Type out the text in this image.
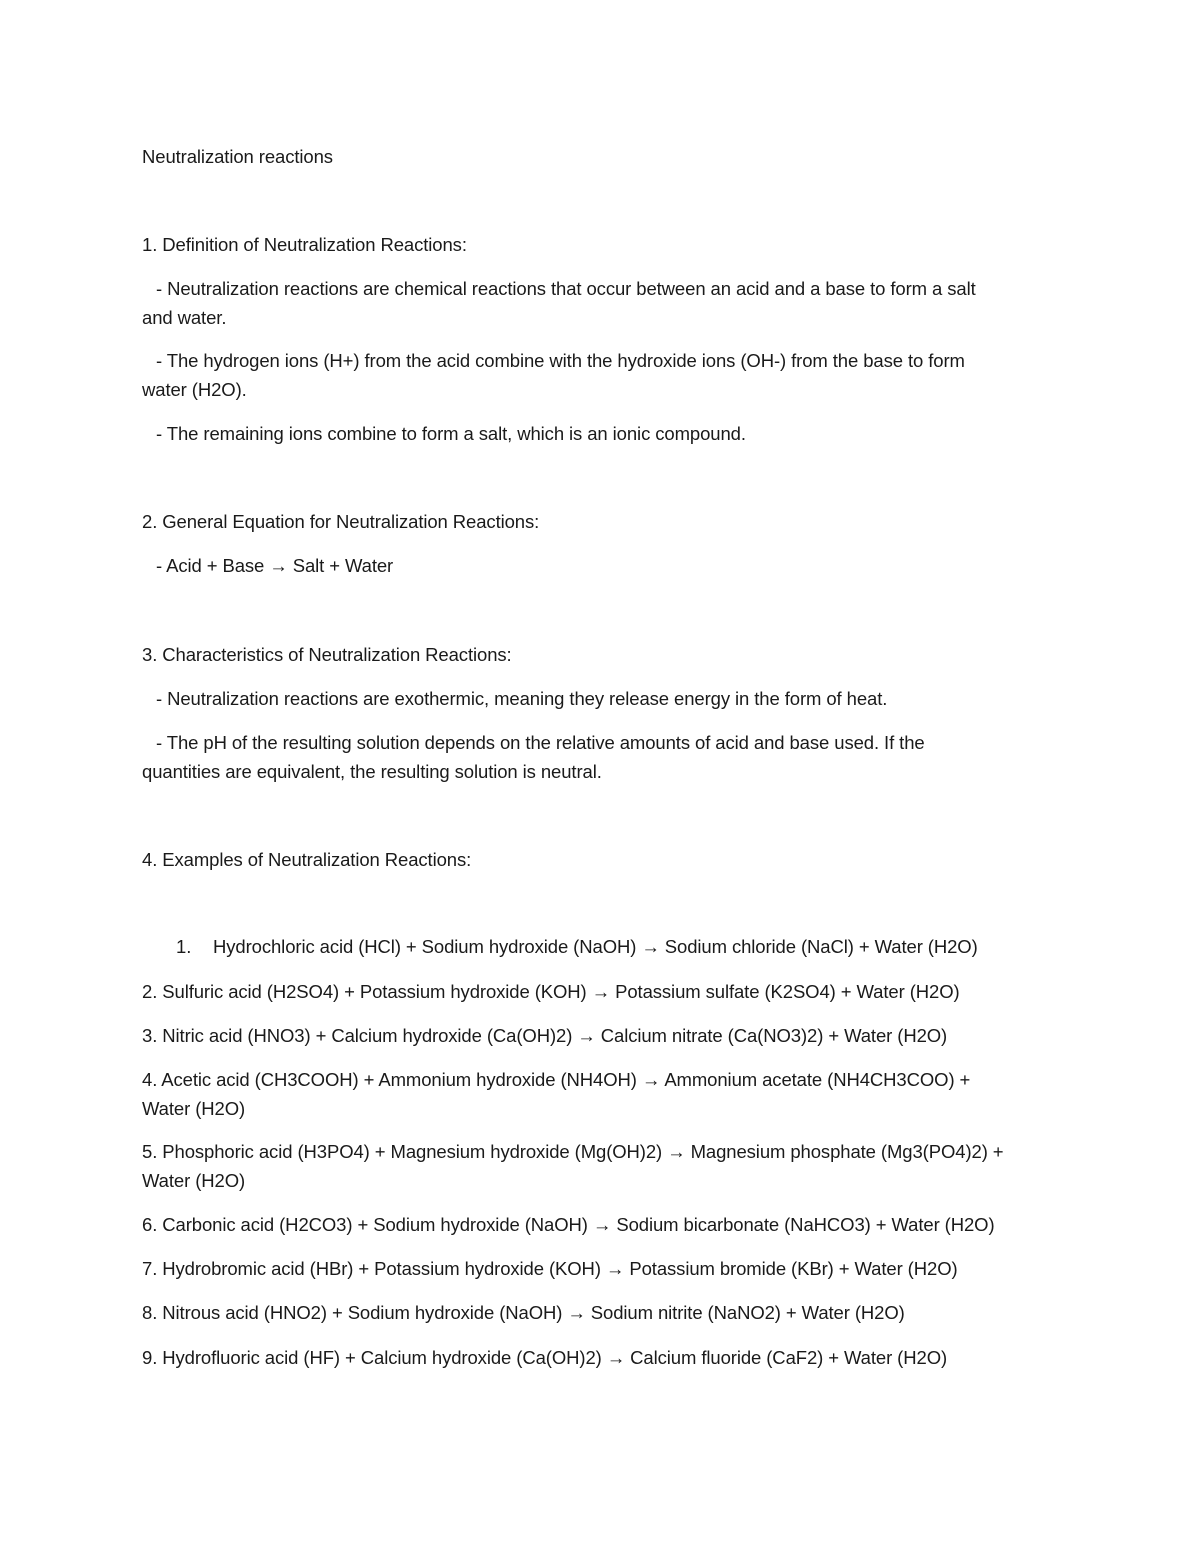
Neutralization reactions
1. Definition of Neutralization Reactions:
- Neutralization reactions are chemical reactions that occur between an acid and a base to form a salt
and water.
- The hydrogen ions (H+) from the acid combine with the hydroxide ions (OH-) from the base to form
water (H2O).
- The remaining ions combine to form a salt, which is an ionic compound.
2. General Equation for Neutralization Reactions:
- Acid + Base → Salt + Water
3. Characteristics of Neutralization Reactions:
- Neutralization reactions are exothermic, meaning they release energy in the form of heat.
- The pH of the resulting solution depends on the relative amounts of acid and base used. If the
quantities are equivalent, the resulting solution is neutral.
4. Examples of Neutralization Reactions:
1. Hydrochloric acid (HCl) + Sodium hydroxide (NaOH) → Sodium chloride (NaCl) + Water (H2O)
2. Sulfuric acid (H2SO4) + Potassium hydroxide (KOH) → Potassium sulfate (K2SO4) + Water (H2O)
3. Nitric acid (HNO3) + Calcium hydroxide (Ca(OH)2) → Calcium nitrate (Ca(NO3)2) + Water (H2O)
4. Acetic acid (CH3COOH) + Ammonium hydroxide (NH4OH) → Ammonium acetate (NH4CH3COO) +
Water (H2O)
5. Phosphoric acid (H3PO4) + Magnesium hydroxide (Mg(OH)2) → Magnesium phosphate (Mg3(PO4)2) +
Water (H2O)
6. Carbonic acid (H2CO3) + Sodium hydroxide (NaOH) → Sodium bicarbonate (NaHCO3) + Water (H2O)
7. Hydrobromic acid (HBr) + Potassium hydroxide (KOH) → Potassium bromide (KBr) + Water (H2O)
8. Nitrous acid (HNO2) + Sodium hydroxide (NaOH) → Sodium nitrite (NaNO2) + Water (H2O)
9. Hydrofluoric acid (HF) + Calcium hydroxide (Ca(OH)2) → Calcium fluoride (CaF2) + Water (H2O)
